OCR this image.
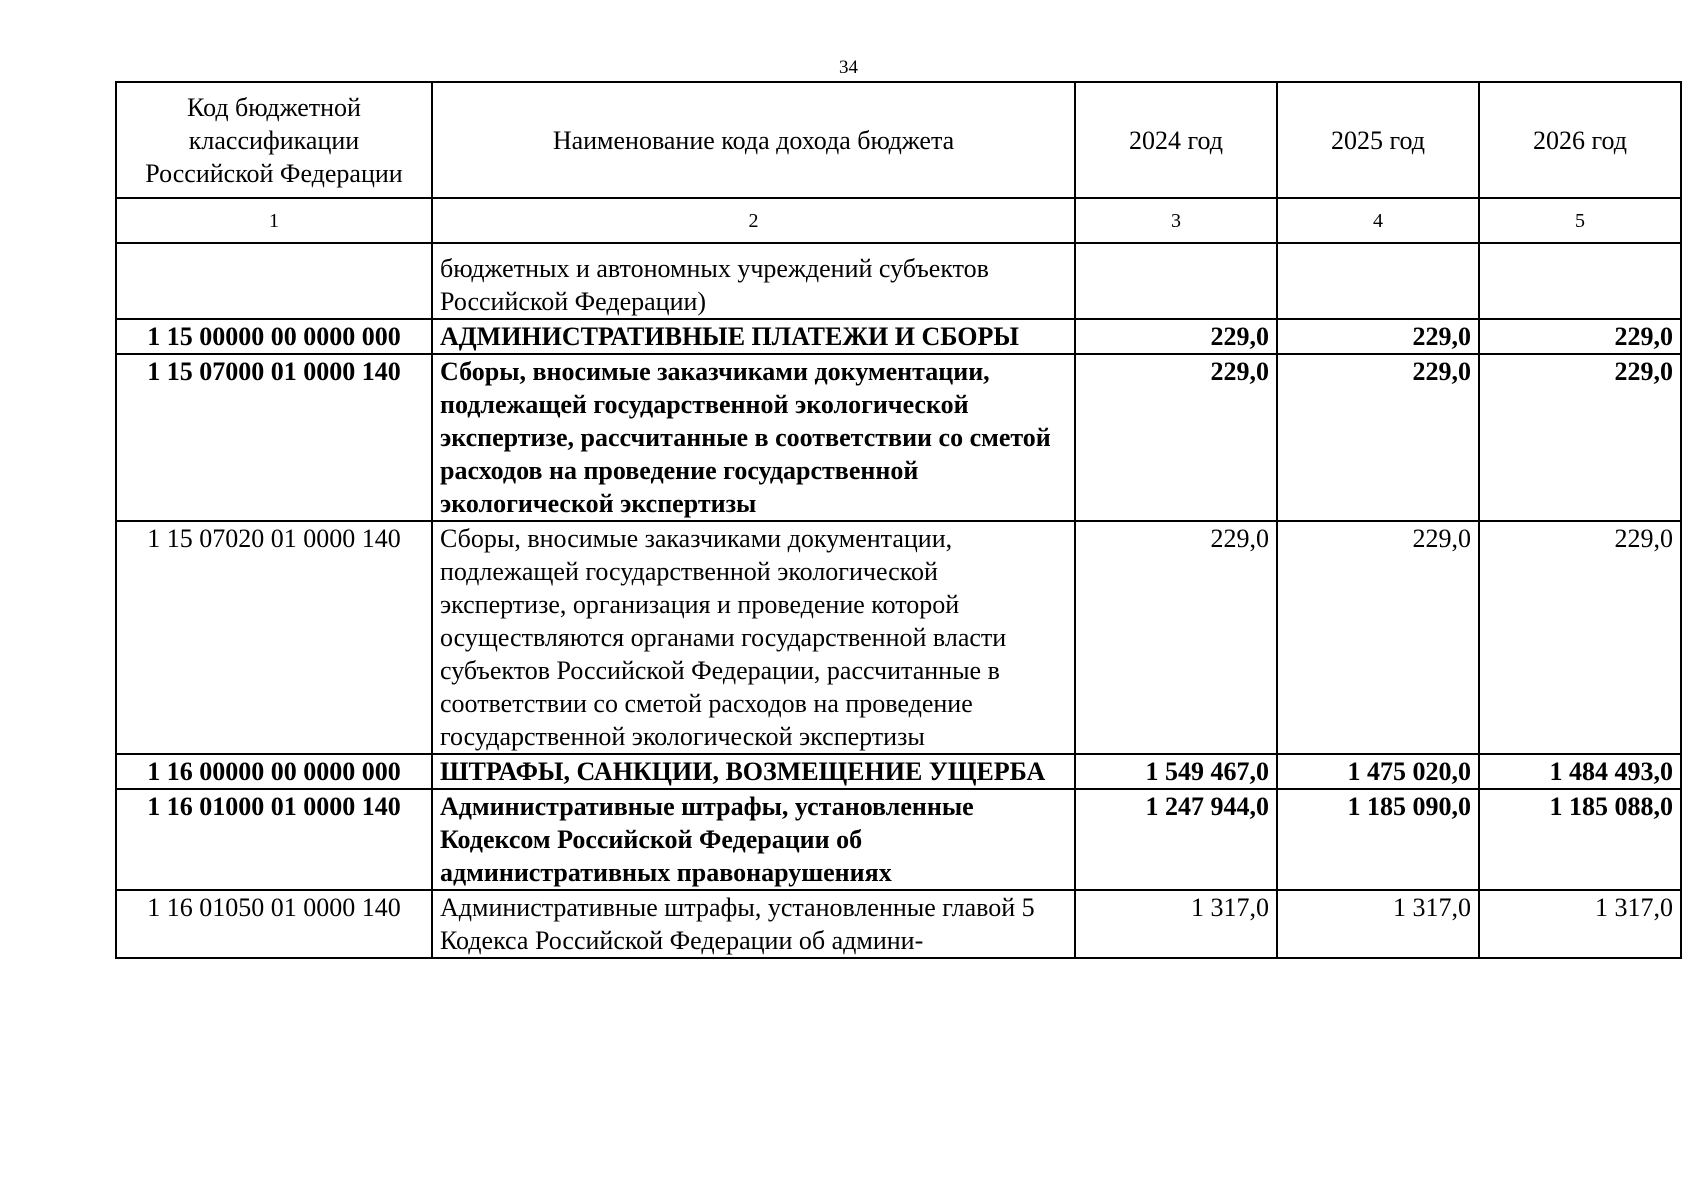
34
Код бюджетной классификации Российской Федерации	Наименование кода дохода бюджета	2024 год	2025 год	2026 год
1	2	3	4	5
	бюджетных и автономных учреждений субъектов Российской Федерации)			
1 15 00000 00 0000 000	АДМИНИСТРАТИВНЫЕ ПЛАТЕЖИ И СБОРЫ	229,0	229,0	229,0
1 15 07000 01 0000 140	Сборы, вносимые заказчиками документации, подлежащей государственной экологической экспертизе, рассчитанные в соответствии со сметой расходов на проведение государственной экологической экспертизы	229,0	229,0	229,0
1 15 07020 01 0000 140	Сборы, вносимые заказчиками документации, подлежащей государственной экологической экспертизе, организация и проведение которой осуществляются органами государственной власти субъектов Российской Федерации, рассчитанные в соответствии со сметой расходов на проведение государственной экологической экспертизы	229,0	229,0	229,0
1 16 00000 00 0000 000	ШТРАФЫ, САНКЦИИ, ВОЗМЕЩЕНИЕ УЩЕРБА	1 549 467,0	1 475 020,0	1 484 493,0
1 16 01000 01 0000 140	Административные штрафы, установленные Кодексом Российской Федерации об административных правонарушениях	1 247 944,0	1 185 090,0	1 185 088,0
1 16 01050 01 0000 140	Административные штрафы, установленные главой 5 Кодекса Российской Федерации об админи-	1 317,0	1 317,0	1 317,0
